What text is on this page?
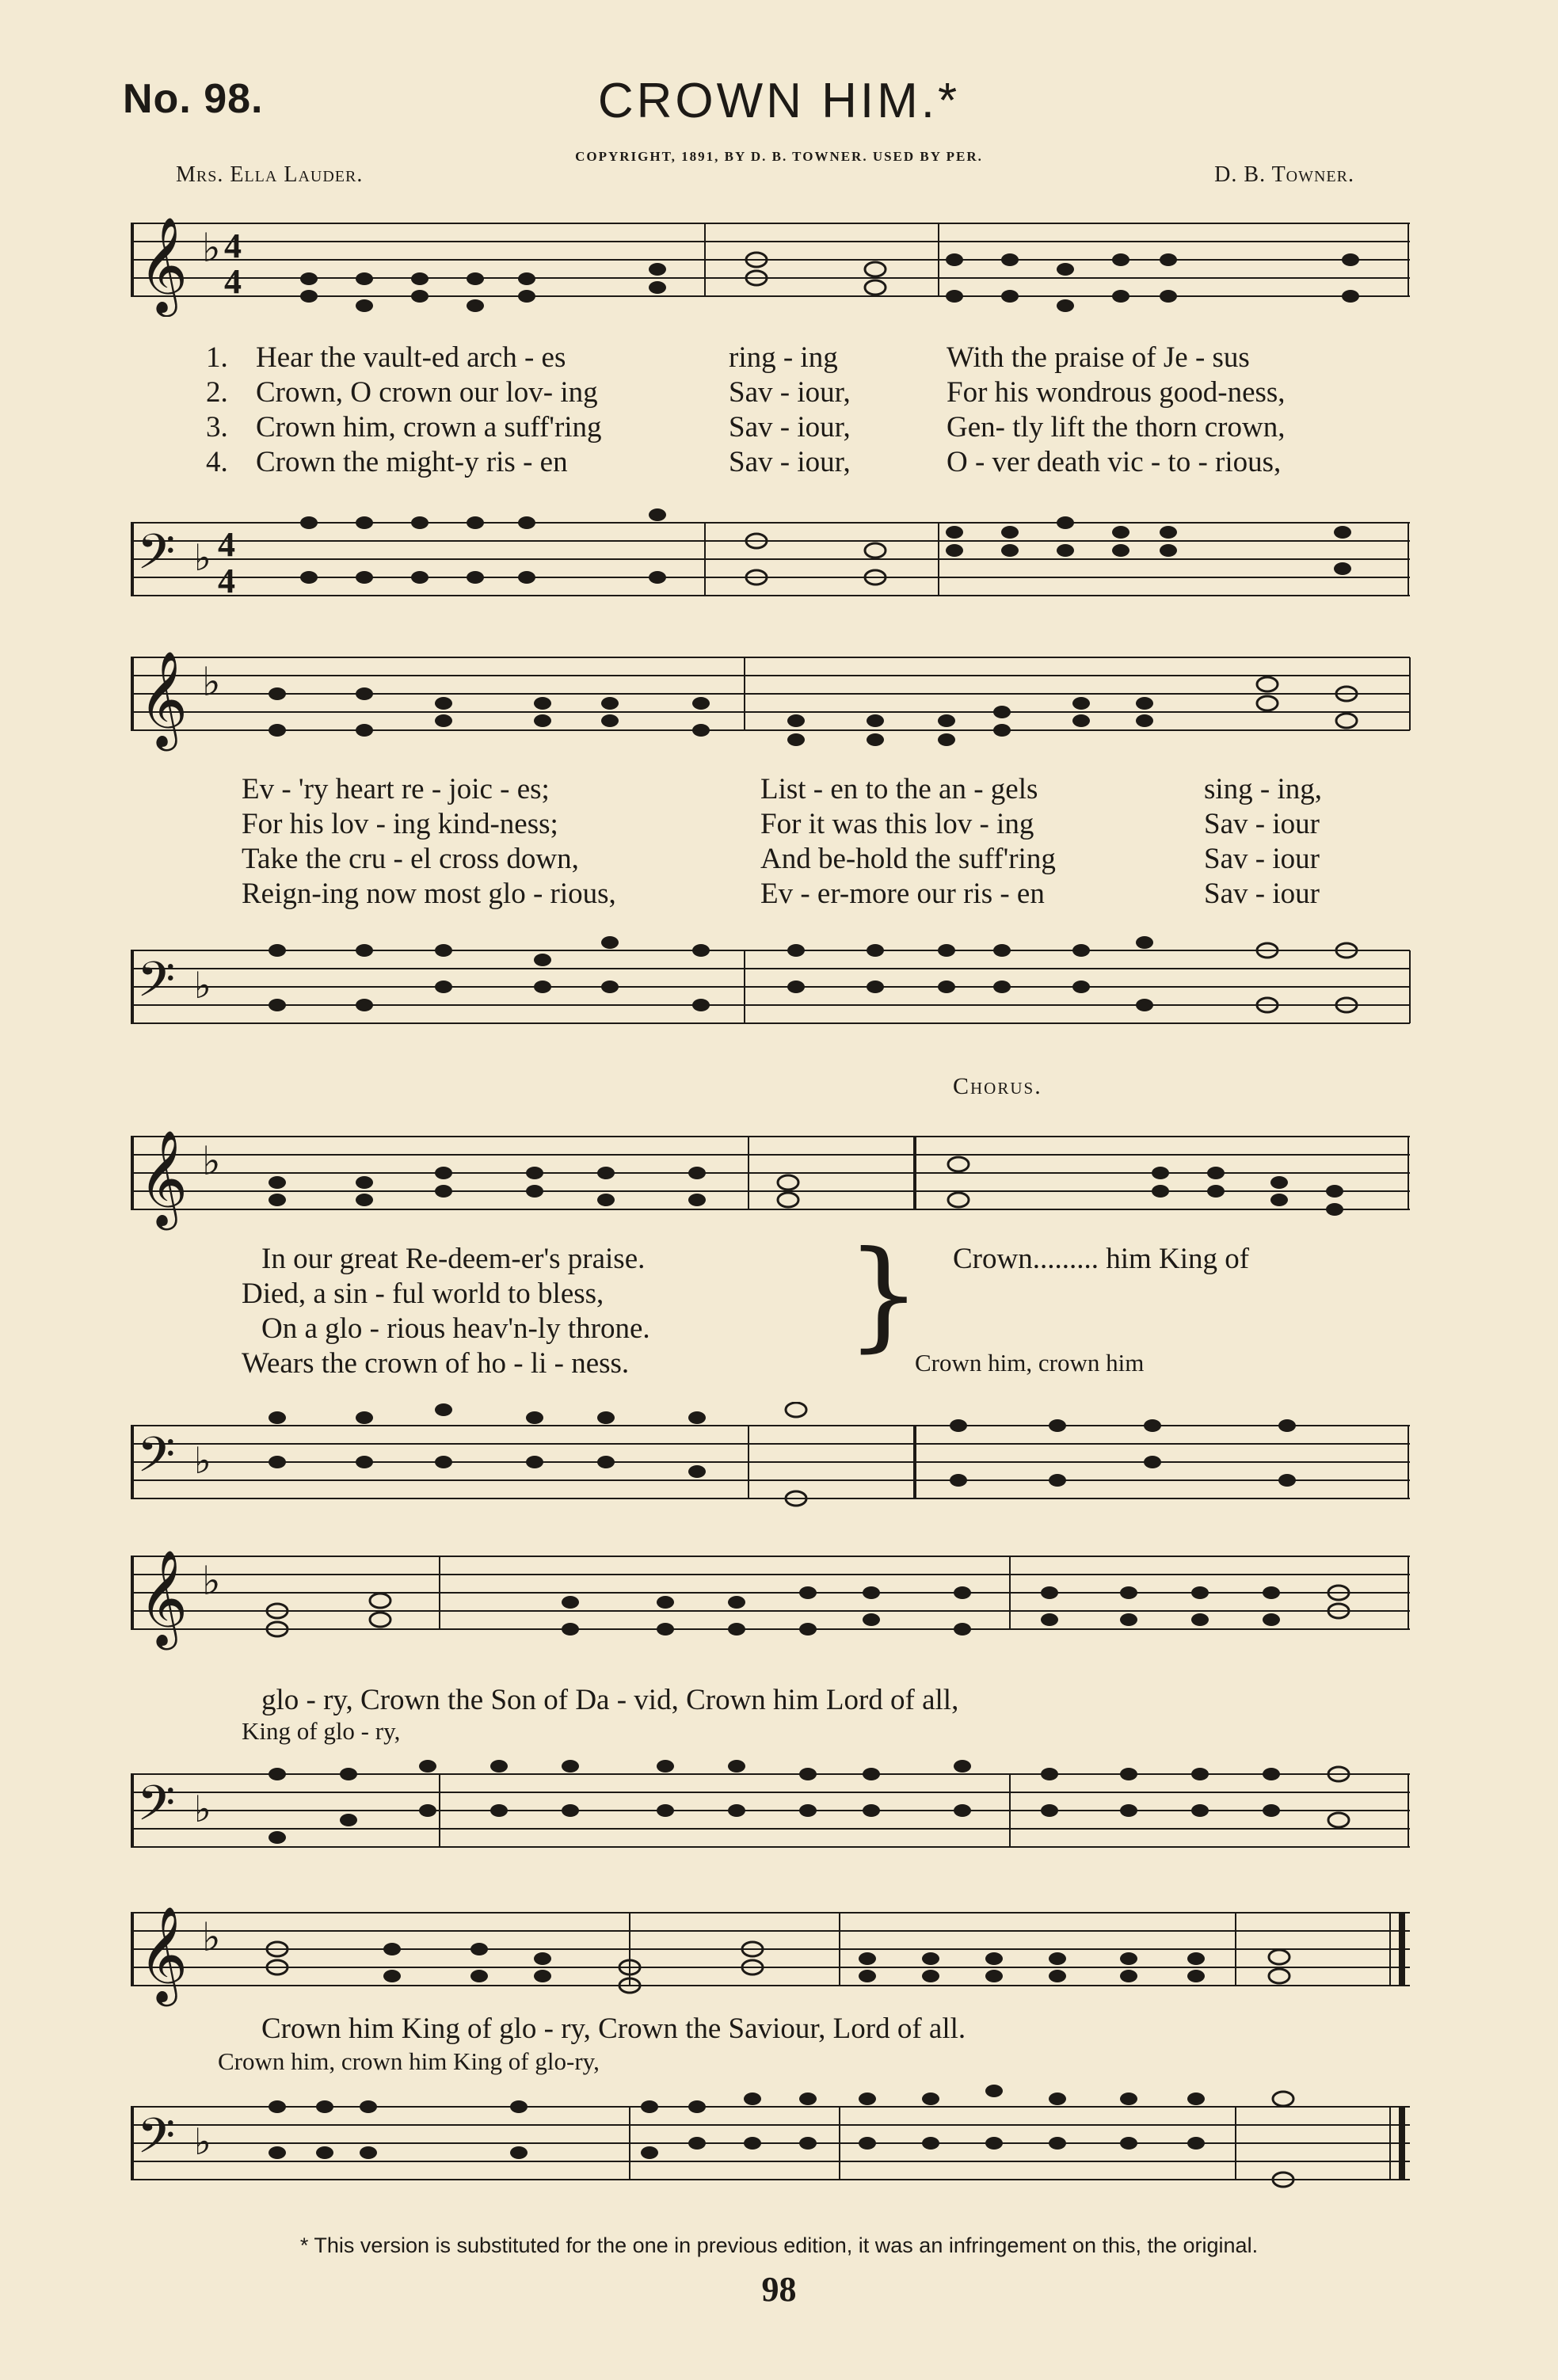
No. 98.	CROWN HIM.*
COPYRIGHT, 1891, BY D. B. TOWNER. USED BY PER.
Mrs. Ella Lauder.	D. B. Towner.
𝄞 ♭ 4
4
1. Hear the vault-ed arch - es	ring - ing	With the praise of Je - sus
2. Crown, O crown our lov- ing	Sav - iour,	For his wondrous good-ness,
3. Crown him, crown a suff'ring	Sav - iour,	Gen- tly lift the thorn crown,
4. Crown the might-y ris - en	Sav - iour,	O - ver death vic - to - rious,
𝄢 ♭ 4
4
𝄞 ♭
Ev - 'ry heart re - joic - es;	List - en to the an - gels	sing - ing,
For his lov - ing kind-ness;	For it was this lov - ing	Sav - iour
Take the cru - el cross down,	And be-hold the suff'ring	Sav - iour
Reign-ing now most glo - rious,	Ev - er-more our ris - en	Sav - iour
𝄢 ♭
Chorus.
𝄞 ♭
In our great Re-deem-er's praise.
Died, a sin - ful world to bless,
On a glo - rious heav'n-ly throne.
Wears the crown of ho - li - ness. } Crown......... him King of
Crown him, crown him
𝄢 ♭
𝄞 ♭
glo - ry, Crown the Son of Da - vid, Crown him Lord of all,
King of glo - ry,
𝄢 ♭
𝄞 ♭
Crown him King of glo - ry, Crown the Saviour, Lord of all.
Crown him, crown him King of glo-ry,
𝄢 ♭
* This version is substituted for the one in previous edition, it was an infringement on this, the original.
98
